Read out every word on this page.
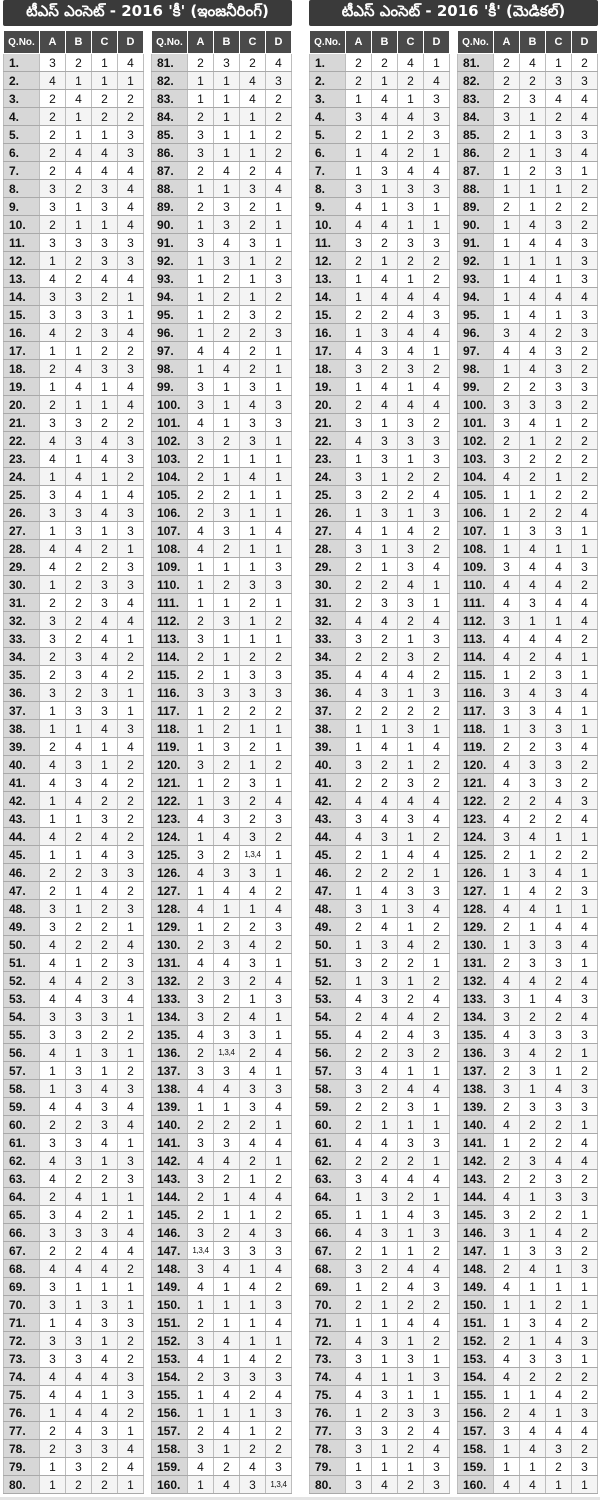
టీఎస్ ఎంసెట్ - 2016 'కీ' (ఇంజనీరింగ్)
Q.No.	A	B	C	D
1.	3	2	1	4
2.	4	1	1	1
3.	2	4	2	2
4.	2	1	2	2
5.	2	1	1	3
6.	2	4	4	3
7.	2	4	4	4
8.	3	2	3	4
9.	3	1	3	4
10.	2	1	1	4
11.	3	3	3	3
12.	1	2	3	3
13.	4	2	4	4
14.	3	3	2	1
15.	3	3	3	1
16.	4	2	3	4
17.	1	1	2	2
18.	2	4	3	3
19.	1	4	1	4
20.	2	1	1	4
21.	3	3	2	2
22.	4	3	4	3
23.	4	1	4	3
24.	1	4	1	2
25.	3	4	1	4
26.	3	3	4	3
27.	1	3	1	3
28.	4	4	2	1
29.	4	2	2	3
30.	1	2	3	3
31.	2	2	3	4
32.	3	2	4	4
33.	3	2	4	1
34.	2	3	4	2
35.	2	3	4	2
36.	3	2	3	1
37.	1	3	3	1
38.	1	1	4	3
39.	2	4	1	4
40.	4	3	1	2
41.	4	3	4	2
42.	1	4	2	2
43.	1	1	3	2
44.	4	2	4	2
45.	1	1	4	3
46.	2	2	3	3
47.	2	1	4	2
48.	3	1	2	3
49.	3	2	2	1
50.	4	2	2	4
51.	4	1	2	3
52.	4	4	2	3
53.	4	4	3	4
54.	3	3	3	1
55.	3	3	2	2
56.	4	1	3	1
57.	1	3	1	2
58.	1	3	4	3
59.	4	4	3	4
60.	2	2	3	4
61.	3	3	4	1
62.	4	3	1	3
63.	4	2	2	3
64.	2	4	1	1
65.	3	4	2	1
66.	3	3	3	4
67.	2	2	4	4
68.	4	4	4	2
69.	3	1	1	1
70.	3	1	3	1
71.	1	4	3	3
72.	3	3	1	2
73.	3	3	4	2
74.	4	4	4	3
75.	4	4	1	3
76.	1	4	4	2
77.	2	4	3	1
78.	2	3	3	4
79.	1	3	2	4
80.	1	2	2	1
Q.No.	A	B	C	D
81.	2	3	2	4
82.	1	1	4	3
83.	1	1	4	2
84.	2	1	1	2
85.	3	1	1	2
86.	3	1	1	2
87.	2	4	2	4
88.	1	1	3	4
89.	2	3	2	1
90.	1	3	2	1
91.	3	4	3	1
92.	1	3	1	2
93.	1	2	1	3
94.	1	2	1	2
95.	1	2	3	2
96.	1	2	2	3
97.	4	4	2	1
98.	1	4	2	1
99.	3	1	3	1
100.	3	1	4	3
101.	4	1	3	3
102.	3	2	3	1
103.	2	1	1	1
104.	2	1	4	1
105.	2	2	1	1
106.	2	3	1	1
107.	4	3	1	4
108.	4	2	1	1
109.	1	1	1	3
110.	1	2	3	3
111.	1	1	2	1
112.	2	3	1	2
113.	3	1	1	1
114.	2	1	2	2
115.	2	1	3	3
116.	3	3	3	3
117.	1	2	2	2
118.	1	2	1	1
119.	1	3	2	1
120.	3	2	1	2
121.	1	2	3	1
122.	1	3	2	4
123.	4	3	2	3
124.	1	4	3	2
125.	3	2	1,3,4	1
126.	4	3	3	1
127.	1	4	4	2
128.	4	1	1	4
129.	1	2	2	3
130.	2	3	4	2
131.	4	4	3	1
132.	2	3	2	4
133.	3	2	1	3
134.	3	2	4	1
135.	4	3	3	1
136.	2	1,3,4	2	4
137.	3	3	4	1
138.	4	4	3	3
139.	1	1	3	4
140.	2	2	2	1
141.	3	3	4	4
142.	4	4	2	1
143.	3	2	1	2
144.	2	1	4	4
145.	2	1	1	2
146.	3	2	4	3
147.	1,3,4	3	3	3
148.	3	4	1	4
149.	4	1	4	2
150.	1	1	1	3
151.	2	1	1	4
152.	3	4	1	1
153.	4	1	4	2
154.	2	3	3	3
155.	1	4	2	4
156.	1	1	1	3
157.	2	4	1	2
158.	3	1	2	2
159.	4	2	4	3
160.	1	4	3	1,3,4
టీఎస్ ఎంసెట్ - 2016 'కీ' (మెడికల్)
Q.No.	A	B	C	D
1.	2	2	4	1
2.	2	1	2	4
3.	1	4	1	3
4.	3	4	4	3
5.	2	1	2	3
6.	1	4	2	1
7.	1	3	4	4
8.	3	1	3	3
9.	4	1	3	1
10.	4	4	1	1
11.	3	2	3	3
12.	2	1	2	2
13.	1	4	1	2
14.	1	4	4	4
15.	2	2	4	3
16.	1	3	4	4
17.	4	3	4	1
18.	3	2	3	2
19.	1	4	1	4
20.	2	4	4	4
21.	3	1	3	2
22.	4	3	3	3
23.	1	3	1	3
24.	3	1	2	2
25.	3	2	2	4
26.	1	3	1	3
27.	4	1	4	2
28.	3	1	3	2
29.	2	1	3	4
30.	2	2	4	1
31.	2	3	3	1
32.	4	4	2	4
33.	3	2	1	3
34.	2	2	3	2
35.	4	4	4	2
36.	4	3	1	3
37.	2	2	2	2
38.	1	1	3	1
39.	1	4	1	4
40.	3	2	1	2
41.	2	2	3	2
42.	4	4	4	4
43.	3	4	3	4
44.	4	3	1	2
45.	2	1	4	4
46.	2	2	2	1
47.	1	4	3	3
48.	3	1	3	4
49.	2	4	1	2
50.	1	3	4	2
51.	3	2	2	1
52.	1	3	1	2
53.	4	3	2	4
54.	2	4	4	2
55.	4	2	4	3
56.	2	2	3	2
57.	3	4	1	1
58.	3	2	4	4
59.	2	2	3	1
60.	2	1	1	1
61.	4	4	3	3
62.	2	2	2	1
63.	3	4	4	4
64.	1	3	2	1
65.	1	1	4	3
66.	4	3	1	3
67.	2	1	1	2
68.	3	2	4	4
69.	1	2	4	3
70.	2	1	2	2
71.	1	1	4	4
72.	4	3	1	2
73.	3	1	3	1
74.	4	1	1	3
75.	4	3	1	1
76.	1	2	3	3
77.	3	3	2	4
78.	3	1	2	4
79.	1	1	1	3
80.	3	4	2	3
Q.No.	A	B	C	D
81.	2	4	1	2
82.	2	2	3	3
83.	2	3	4	4
84.	3	1	2	4
85.	2	1	3	3
86.	2	1	3	4
87.	1	2	3	1
88.	1	1	1	2
89.	2	1	2	2
90.	1	4	3	2
91.	1	4	4	3
92.	1	1	1	3
93.	1	4	1	3
94.	1	4	4	4
95.	1	4	1	3
96.	3	4	2	3
97.	4	4	3	2
98.	1	4	3	2
99.	2	2	3	3
100.	3	3	3	2
101.	3	4	1	2
102.	2	1	2	2
103.	3	2	2	2
104.	4	2	1	2
105.	1	1	2	2
106.	1	2	2	4
107.	1	3	3	1
108.	1	4	1	1
109.	3	4	4	3
110.	4	4	4	2
111.	4	3	4	4
112.	3	1	1	4
113.	4	4	4	2
114.	4	2	4	1
115.	1	2	3	1
116.	3	4	3	4
117.	3	3	4	1
118.	1	3	3	1
119.	2	2	3	4
120.	4	3	3	2
121.	4	3	3	2
122.	2	2	4	3
123.	4	2	2	4
124.	3	4	1	1
125.	2	1	2	2
126.	1	3	4	1
127.	1	4	2	3
128.	4	4	1	1
129.	2	1	4	4
130.	1	3	3	4
131.	2	3	3	1
132.	4	4	2	4
133.	3	1	4	3
134.	3	2	2	4
135.	4	3	3	3
136.	3	4	2	1
137.	2	3	1	2
138.	3	1	4	3
139.	2	3	3	3
140.	4	2	2	1
141.	1	2	2	4
142.	2	3	4	4
143.	2	2	3	2
144.	4	1	3	3
145.	3	2	2	1
146.	3	1	4	2
147.	1	3	3	2
148.	2	4	1	3
149.	4	1	1	1
150.	1	1	2	1
151.	1	3	4	2
152.	2	1	4	3
153.	4	3	3	1
154.	4	2	2	2
155.	1	1	4	2
156.	2	4	1	3
157.	3	4	4	4
158.	1	4	3	2
159.	1	1	2	3
160.	4	4	1	1
